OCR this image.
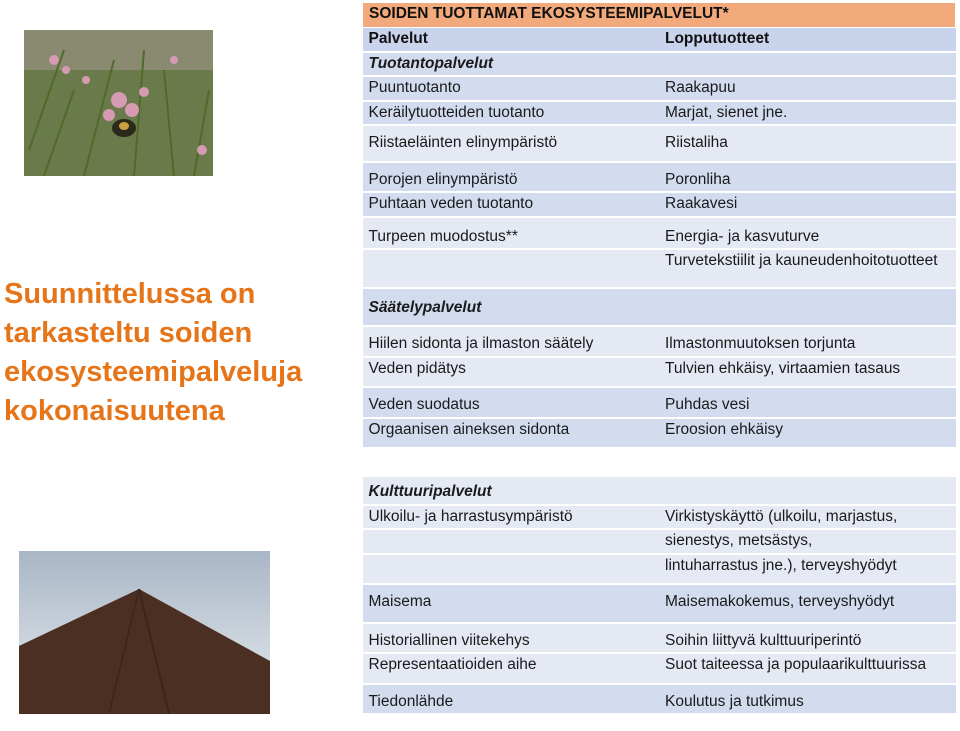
Suunnittelussa on
tarkasteltu soiden
ekosysteemipalveluja
kokonaisuutena
SOIDEN TUOTTAMAT EKOSYSTEEMIPALVELUT*	
Palvelut	Lopputuotteet
Tuotantopalvelut	
Puuntuotanto	Raakapuu
Keräilytuotteiden tuotanto	Marjat, sienet jne.
Riistaeläinten elinympäristö	Riistaliha
Porojen elinympäristö	Poronliha
Puhtaan veden tuotanto	Raakavesi
Turpeen muodostus**	Energia- ja kasvuturve
	Turvetekstiilit ja kauneudenhoitotuotteet
Säätelypalvelut	
Hiilen sidonta ja ilmaston säätely	Ilmastonmuutoksen torjunta
Veden pidätys	Tulvien ehkäisy, virtaamien tasaus
Veden suodatus	Puhdas vesi
Orgaanisen aineksen sidonta	Eroosion ehkäisy

Kulttuuripalvelut	
Ulkoilu- ja harrastusympäristö	Virkistyskäyttö (ulkoilu, marjastus,
	sienestys, metsästys,
	lintuharrastus jne.), terveyshyödyt
Maisema	Maisemakokemus, terveyshyödyt
Historiallinen viitekehys	Soihin liittyvä kulttuuriperintö
Representaatioiden aihe	Suot taiteessa ja populaarikulttuurissa
Tiedonlähde	Koulutus ja tutkimus
